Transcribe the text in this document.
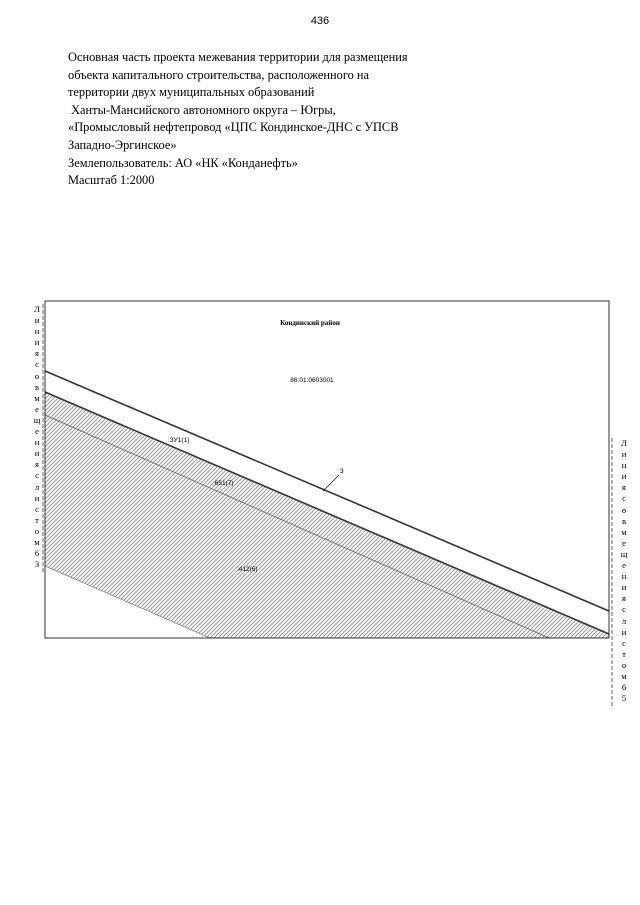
436
Основная часть проекта межевания территории для размещения
объекта капитального строительства, расположенного на
территории двух муниципальных образований
Ханты-Мансийского автономного округа – Югры,
«Промысловый нефтепровод «ЦПС Кондинское-ДНС с УПСВ
Западно-Эргинское»
Землепользователь: АО «НК «Конданефть»
Масштаб 1:2000
Л
и
н
и
я
с
о
в
м
е
щ
е
н
и
я
с
л
и
с
т
о
м
6
3
Л
и
н
и
я
с
о
в
м
е
щ
е
н
и
я
с
л
и
с
т
о
м
6
5
Кондинский район
86:01:0603001
:ЗУ1(1)
:651(7)
:412(6)
3
